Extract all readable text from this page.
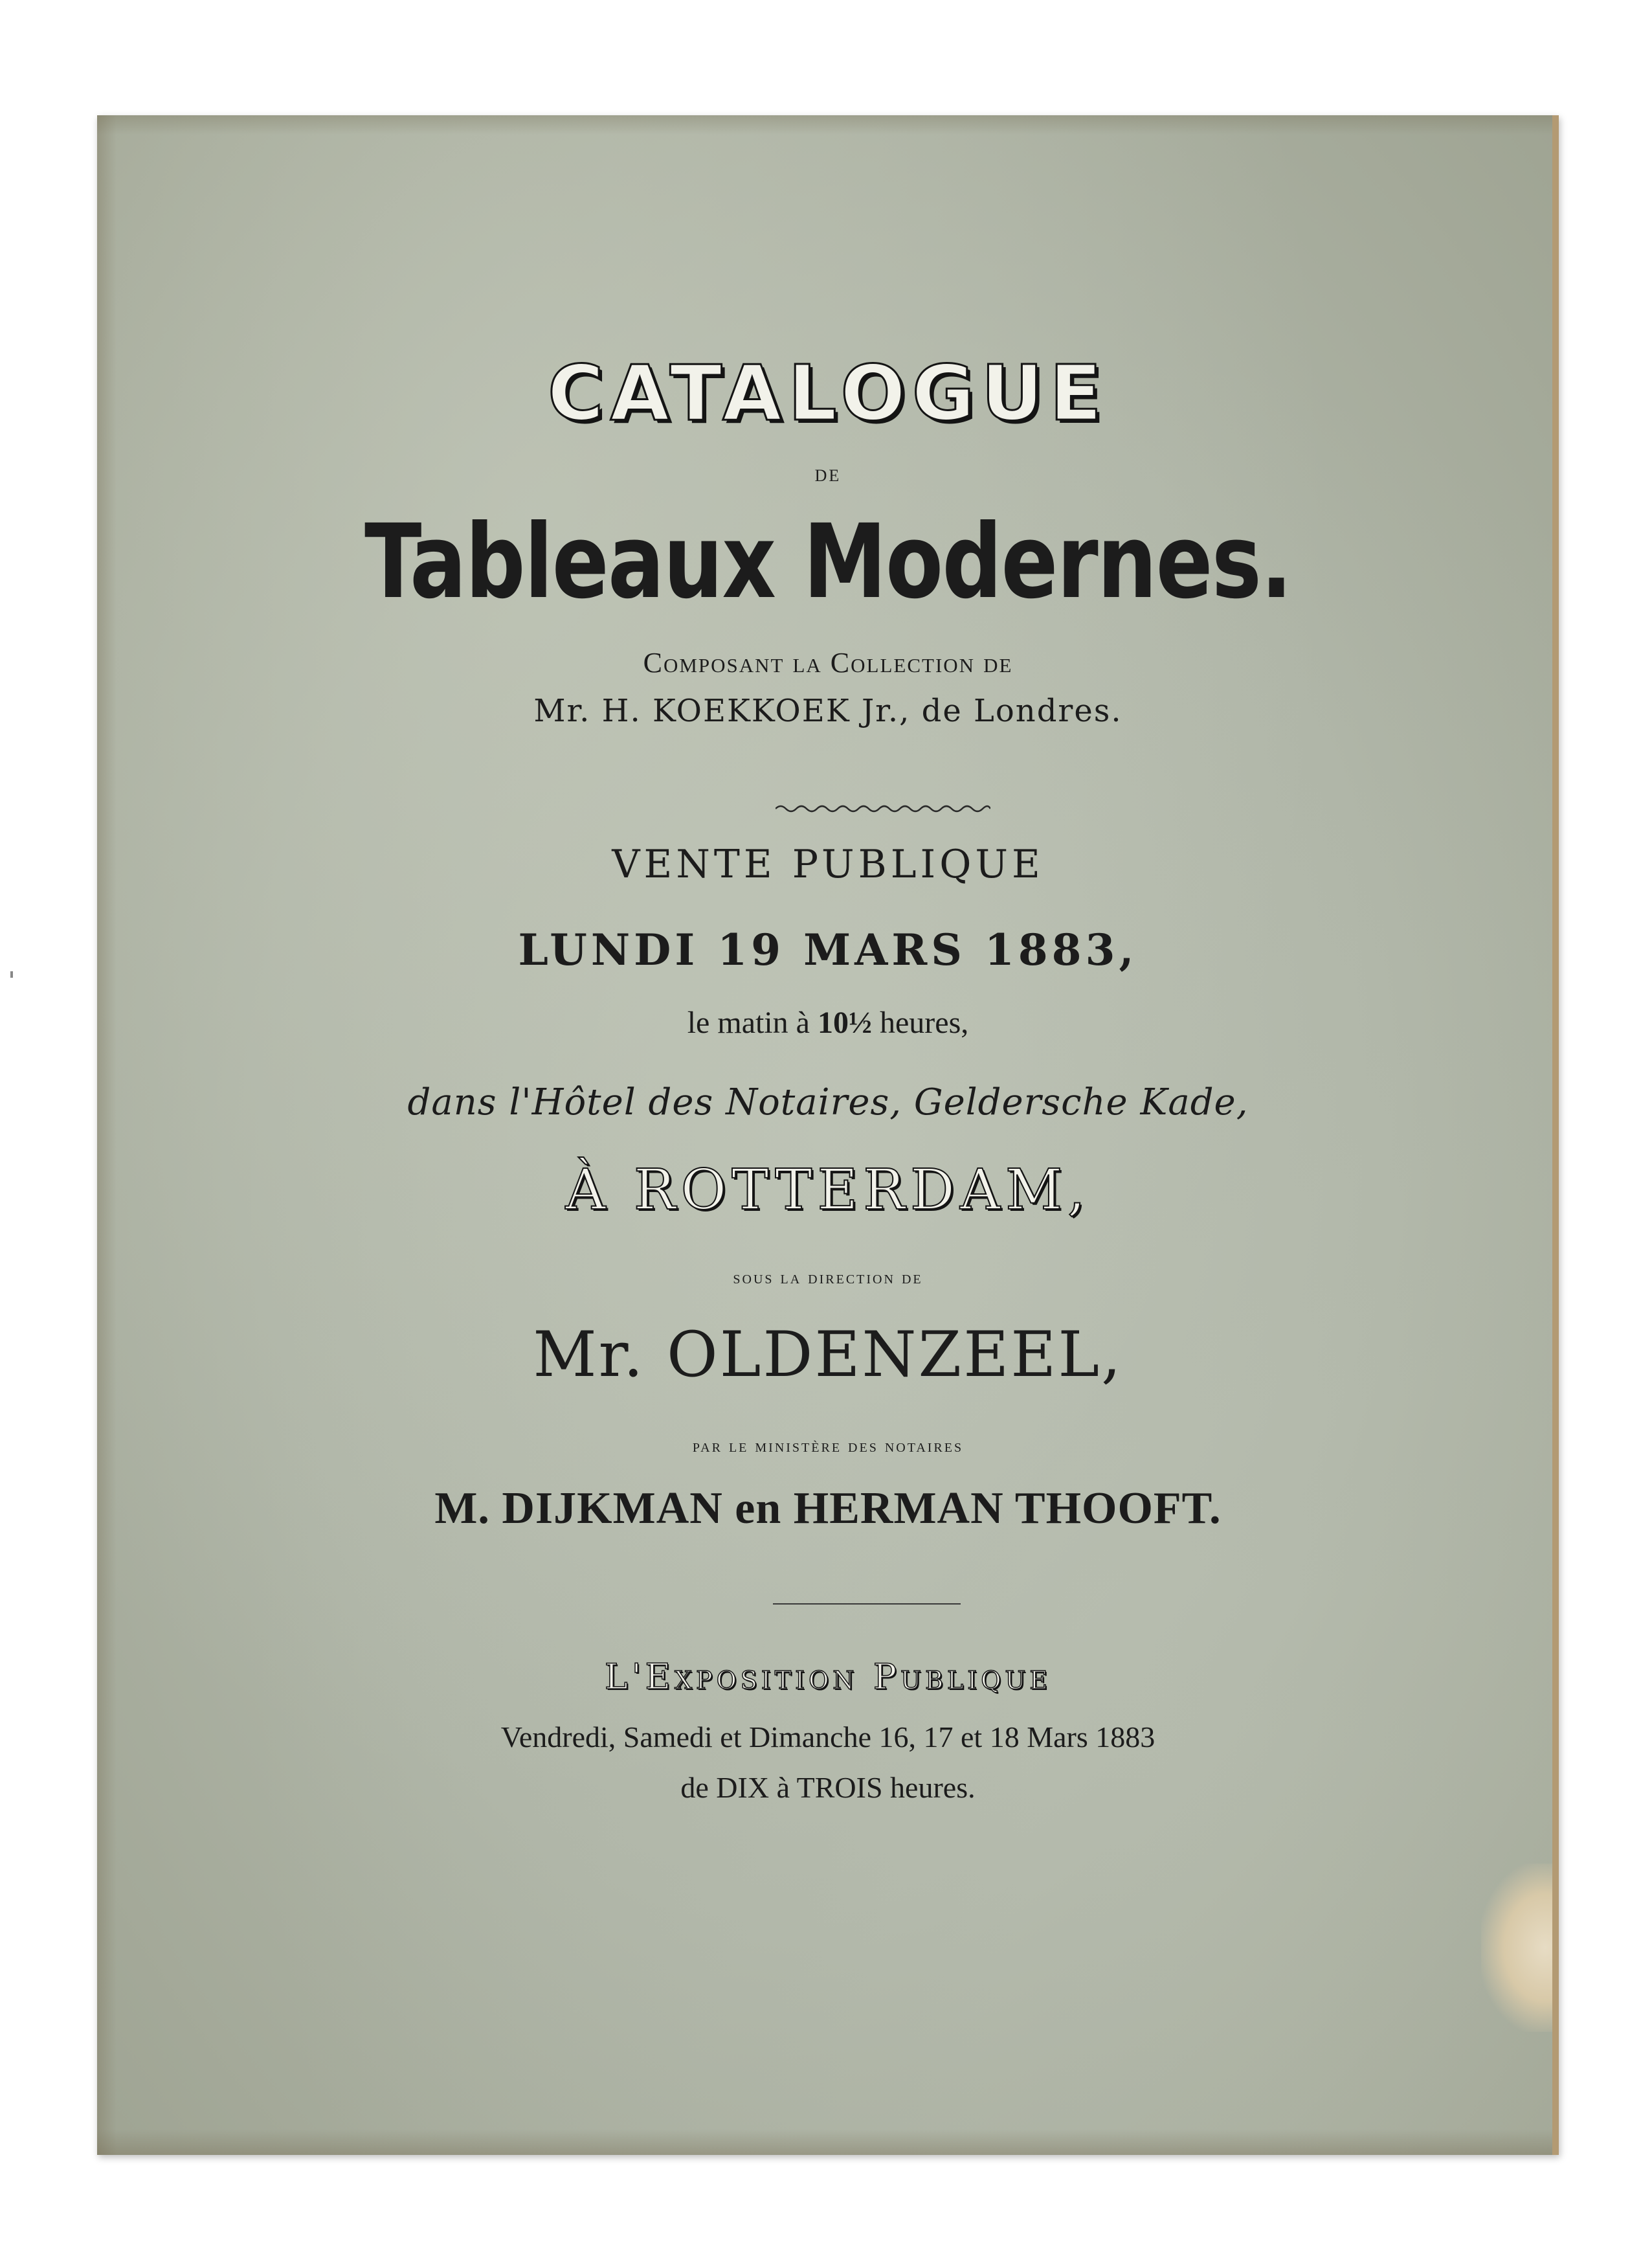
CATALOGUE
DE
Tableaux Modernes.
Composant la Collection de
Mr. H. KOEKKOEK Jr., de Londres.
VENTE PUBLIQUE
LUNDI 19 MARS 1883,
le matin à 10½ heures,
dans l'Hôtel des Notaires, Geldersche Kade,
À ROTTERDAM,
sous la direction de
Mr. OLDENZEEL,
par le ministère des notaires
M. DIJKMAN en HERMAN THOOFT.
L'Exposition Publique
Vendredi, Samedi et Dimanche 16, 17 et 18 Mars 1883
de DIX à TROIS heures.
